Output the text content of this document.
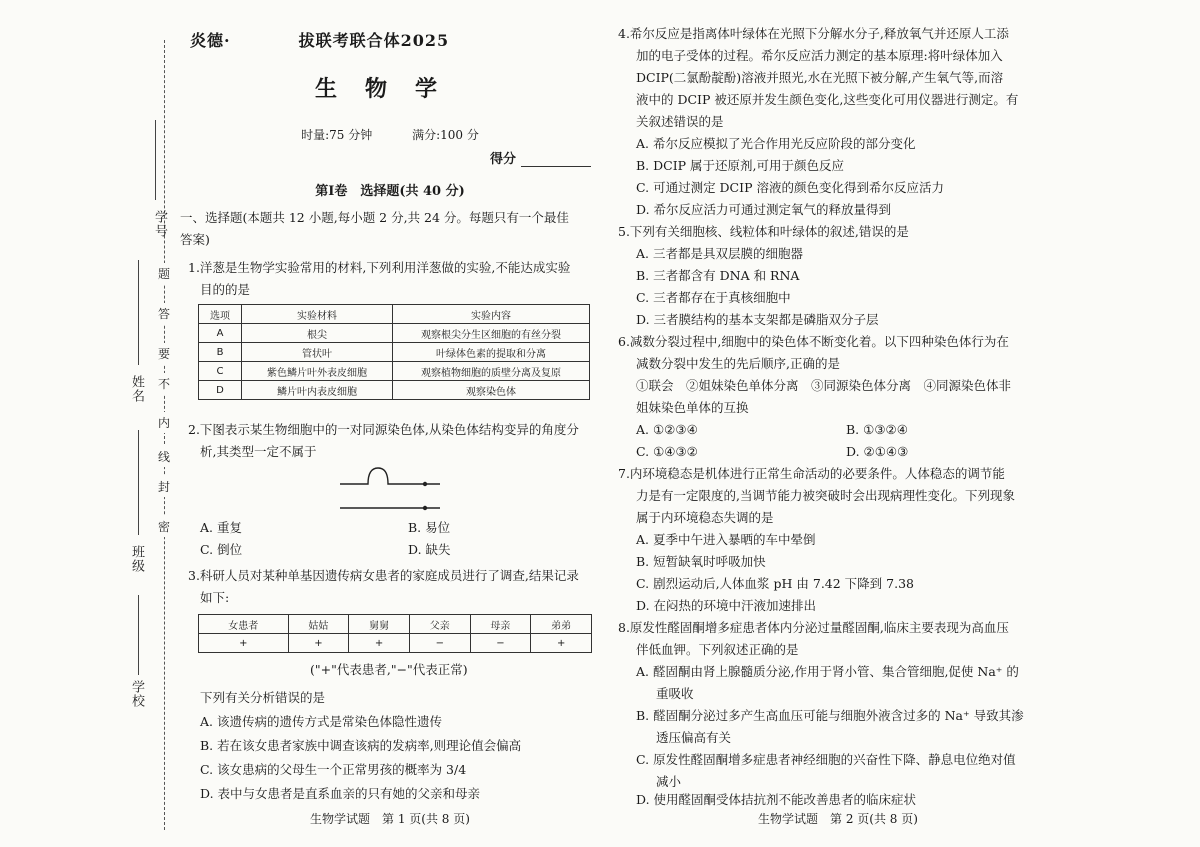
学号
姓名
班级
学校
密
封
线
内
不
要
答
题
炎德·　　　　拔联考联合体2025
生物学
时量:75 分钟	满分:100 分
得分
第Ⅰ卷　选择题(共 40 分)
一、选择题(本题共 12 小题,每小题 2 分,共 24 分。每题只有一个最佳
答案)
1.洋葱是生物学实验常用的材料,下列利用洋葱做的实验,不能达成实验
目的的是
选项	实验材料	实验内容
A	根尖	观察根尖分生区细胞的有丝分裂
B	管状叶	叶绿体色素的提取和分离
C	紫色鳞片叶外表皮细胞	观察植物细胞的质壁分离及复原
D	鳞片叶内表皮细胞	观察染色体
2.下图表示某生物细胞中的一对同源染色体,从染色体结构变异的角度分
析,其类型一定不属于
A. 重复	B. 易位
C. 倒位	D. 缺失
3.科研人员对某种单基因遗传病女患者的家庭成员进行了调查,结果记录
如下:
女患者	姑姑	舅舅	父亲	母亲	弟弟
+	+	+	−	−	+
("+"代表患者,"−"代表正常)
下列有关分析错误的是
A. 该遗传病的遗传方式是常染色体隐性遗传
B. 若在该女患者家族中调查该病的发病率,则理论值会偏高
C. 该女患病的父母生一个正常男孩的概率为 3/4
D. 表中与女患者是直系血亲的只有她的父亲和母亲
生物学试题　第 1 页(共 8 页)
4.希尔反应是指离体叶绿体在光照下分解水分子,释放氧气并还原人工添
加的电子受体的过程。希尔反应活力测定的基本原理:将叶绿体加入
DCIP(二氯酚靛酚)溶液并照光,水在光照下被分解,产生氧气等,而溶
液中的 DCIP 被还原并发生颜色变化,这些变化可用仪器进行测定。有
关叙述错误的是
A. 希尔反应模拟了光合作用光反应阶段的部分变化
B. DCIP 属于还原剂,可用于颜色反应
C. 可通过测定 DCIP 溶液的颜色变化得到希尔反应活力
D. 希尔反应活力可通过测定氧气的释放量得到
5.下列有关细胞核、线粒体和叶绿体的叙述,错误的是
A. 三者都是具双层膜的细胞器
B. 三者都含有 DNA 和 RNA
C. 三者都存在于真核细胞中
D. 三者膜结构的基本支架都是磷脂双分子层
6.减数分裂过程中,细胞中的染色体不断变化着。以下四种染色体行为在
减数分裂中发生的先后顺序,正确的是
①联会　②姐妹染色单体分离　③同源染色体分离　④同源染色体非
姐妹染色单体的互换
A. ①②③④	B. ①③②④
C. ①④③②	D. ②①④③
7.内环境稳态是机体进行正常生命活动的必要条件。人体稳态的调节能
力是有一定限度的,当调节能力被突破时会出现病理性变化。下列现象
属于内环境稳态失调的是
A. 夏季中午进入暴晒的车中晕倒
B. 短暂缺氧时呼吸加快
C. 剧烈运动后,人体血浆 pH 由 7.42 下降到 7.38
D. 在闷热的环境中汗液加速排出
8.原发性醛固酮增多症患者体内分泌过量醛固酮,临床主要表现为高血压
伴低血钾。下列叙述正确的是
A. 醛固酮由肾上腺髓质分泌,作用于肾小管、集合管细胞,促使 Na⁺ 的
重吸收
B. 醛固酮分泌过多产生高血压可能与细胞外液含过多的 Na⁺ 导致其渗
透压偏高有关
C. 原发性醛固酮增多症患者神经细胞的兴奋性下降、静息电位绝对值
减小
D. 使用醛固酮受体拮抗剂不能改善患者的临床症状
生物学试题　第 2 页(共 8 页)
